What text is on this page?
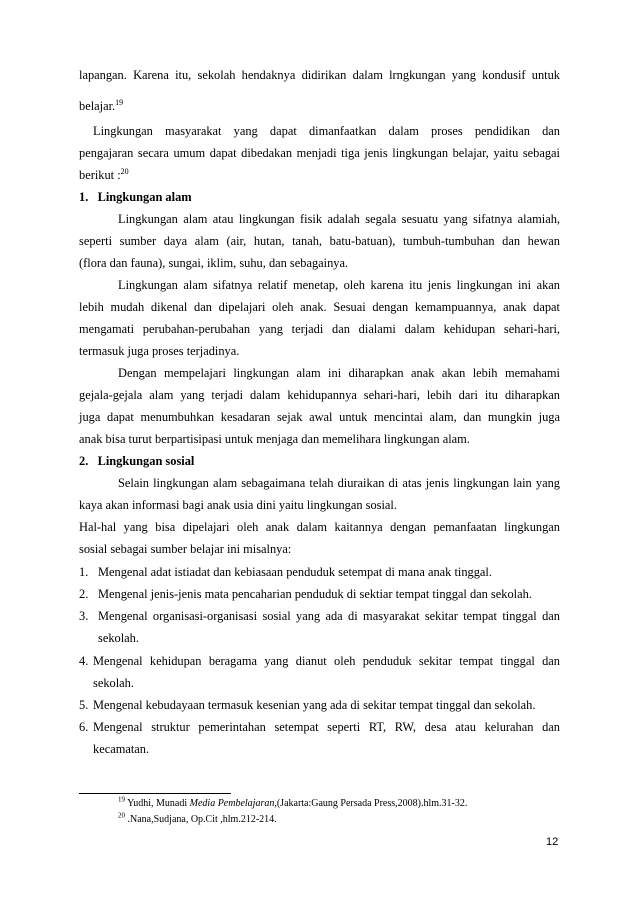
lapangan. Karena itu, sekolah hendaknya didirikan dalam lrngkungan yang kondusif untuk
belajar.$^{19}$
Lingkungan masyarakat yang dapat dimanfaatkan dalam proses pendidikan dan
pengajaran secara umum dapat dibedakan menjadi tiga jenis lingkungan belajar, yaitu sebagai
berikut :$^{20}$
1.   Lingkungan alam
Lingkungan alam atau lingkungan fisik adalah segala sesuatu yang sifatnya alamiah,
seperti sumber daya alam (air, hutan, tanah, batu-batuan), tumbuh-tumbuhan dan hewan
(flora dan fauna), sungai, iklim, suhu, dan sebagainya.
Lingkungan alam sifatnya relatif menetap, oleh karena itu jenis lingkungan ini akan
lebih mudah dikenal dan dipelajari oleh anak. Sesuai dengan kemampuannya, anak dapat
mengamati perubahan-perubahan yang terjadi dan dialami dalam kehidupan sehari-hari,
termasuk juga proses terjadinya.
Dengan mempelajari lingkungan alam ini diharapkan anak akan lebih memahami
gejala-gejala alam yang terjadi dalam kehidupannya sehari-hari, lebih dari itu diharapkan
juga dapat menumbuhkan kesadaran sejak awal untuk mencintai alam, dan mungkin juga
anak bisa turut berpartisipasi untuk menjaga dan memelihara lingkungan alam.
2.   Lingkungan sosial
Selain lingkungan alam sebagaimana telah diuraikan di atas jenis lingkungan lain yang
kaya akan informasi bagi anak usia dini yaitu lingkungan sosial.
Hal-hal yang bisa dipelajari oleh anak dalam kaitannya dengan pemanfaatan lingkungan
sosial sebagai sumber belajar ini misalnya:
1. Mengenal adat istiadat dan kebiasaan penduduk setempat di mana anak tinggal.
2. Mengenal jenis-jenis mata pencaharian penduduk di sektiar tempat tinggal dan sekolah.
3. Mengenal organisasi-organisasi sosial yang ada di masyarakat sekitar tempat tinggal dan
sekolah.
4. Mengenal kehidupan beragama yang dianut oleh penduduk sekitar tempat tinggal dan
sekolah.
5. Mengenal kebudayaan termasuk kesenian yang ada di sekitar tempat tinggal dan sekolah.
6. Mengenal struktur pemerintahan setempat seperti RT, RW, desa atau kelurahan dan
kecamatan.
$^{19}$ Yudhi, Munadi Media Pembelajaran,(Jakarta:Gaung Persada Press,2008).hlm.31-32.
$^{20}$ .Nana,Sudjana, Op.Cit ,hlm.212-214.
12
